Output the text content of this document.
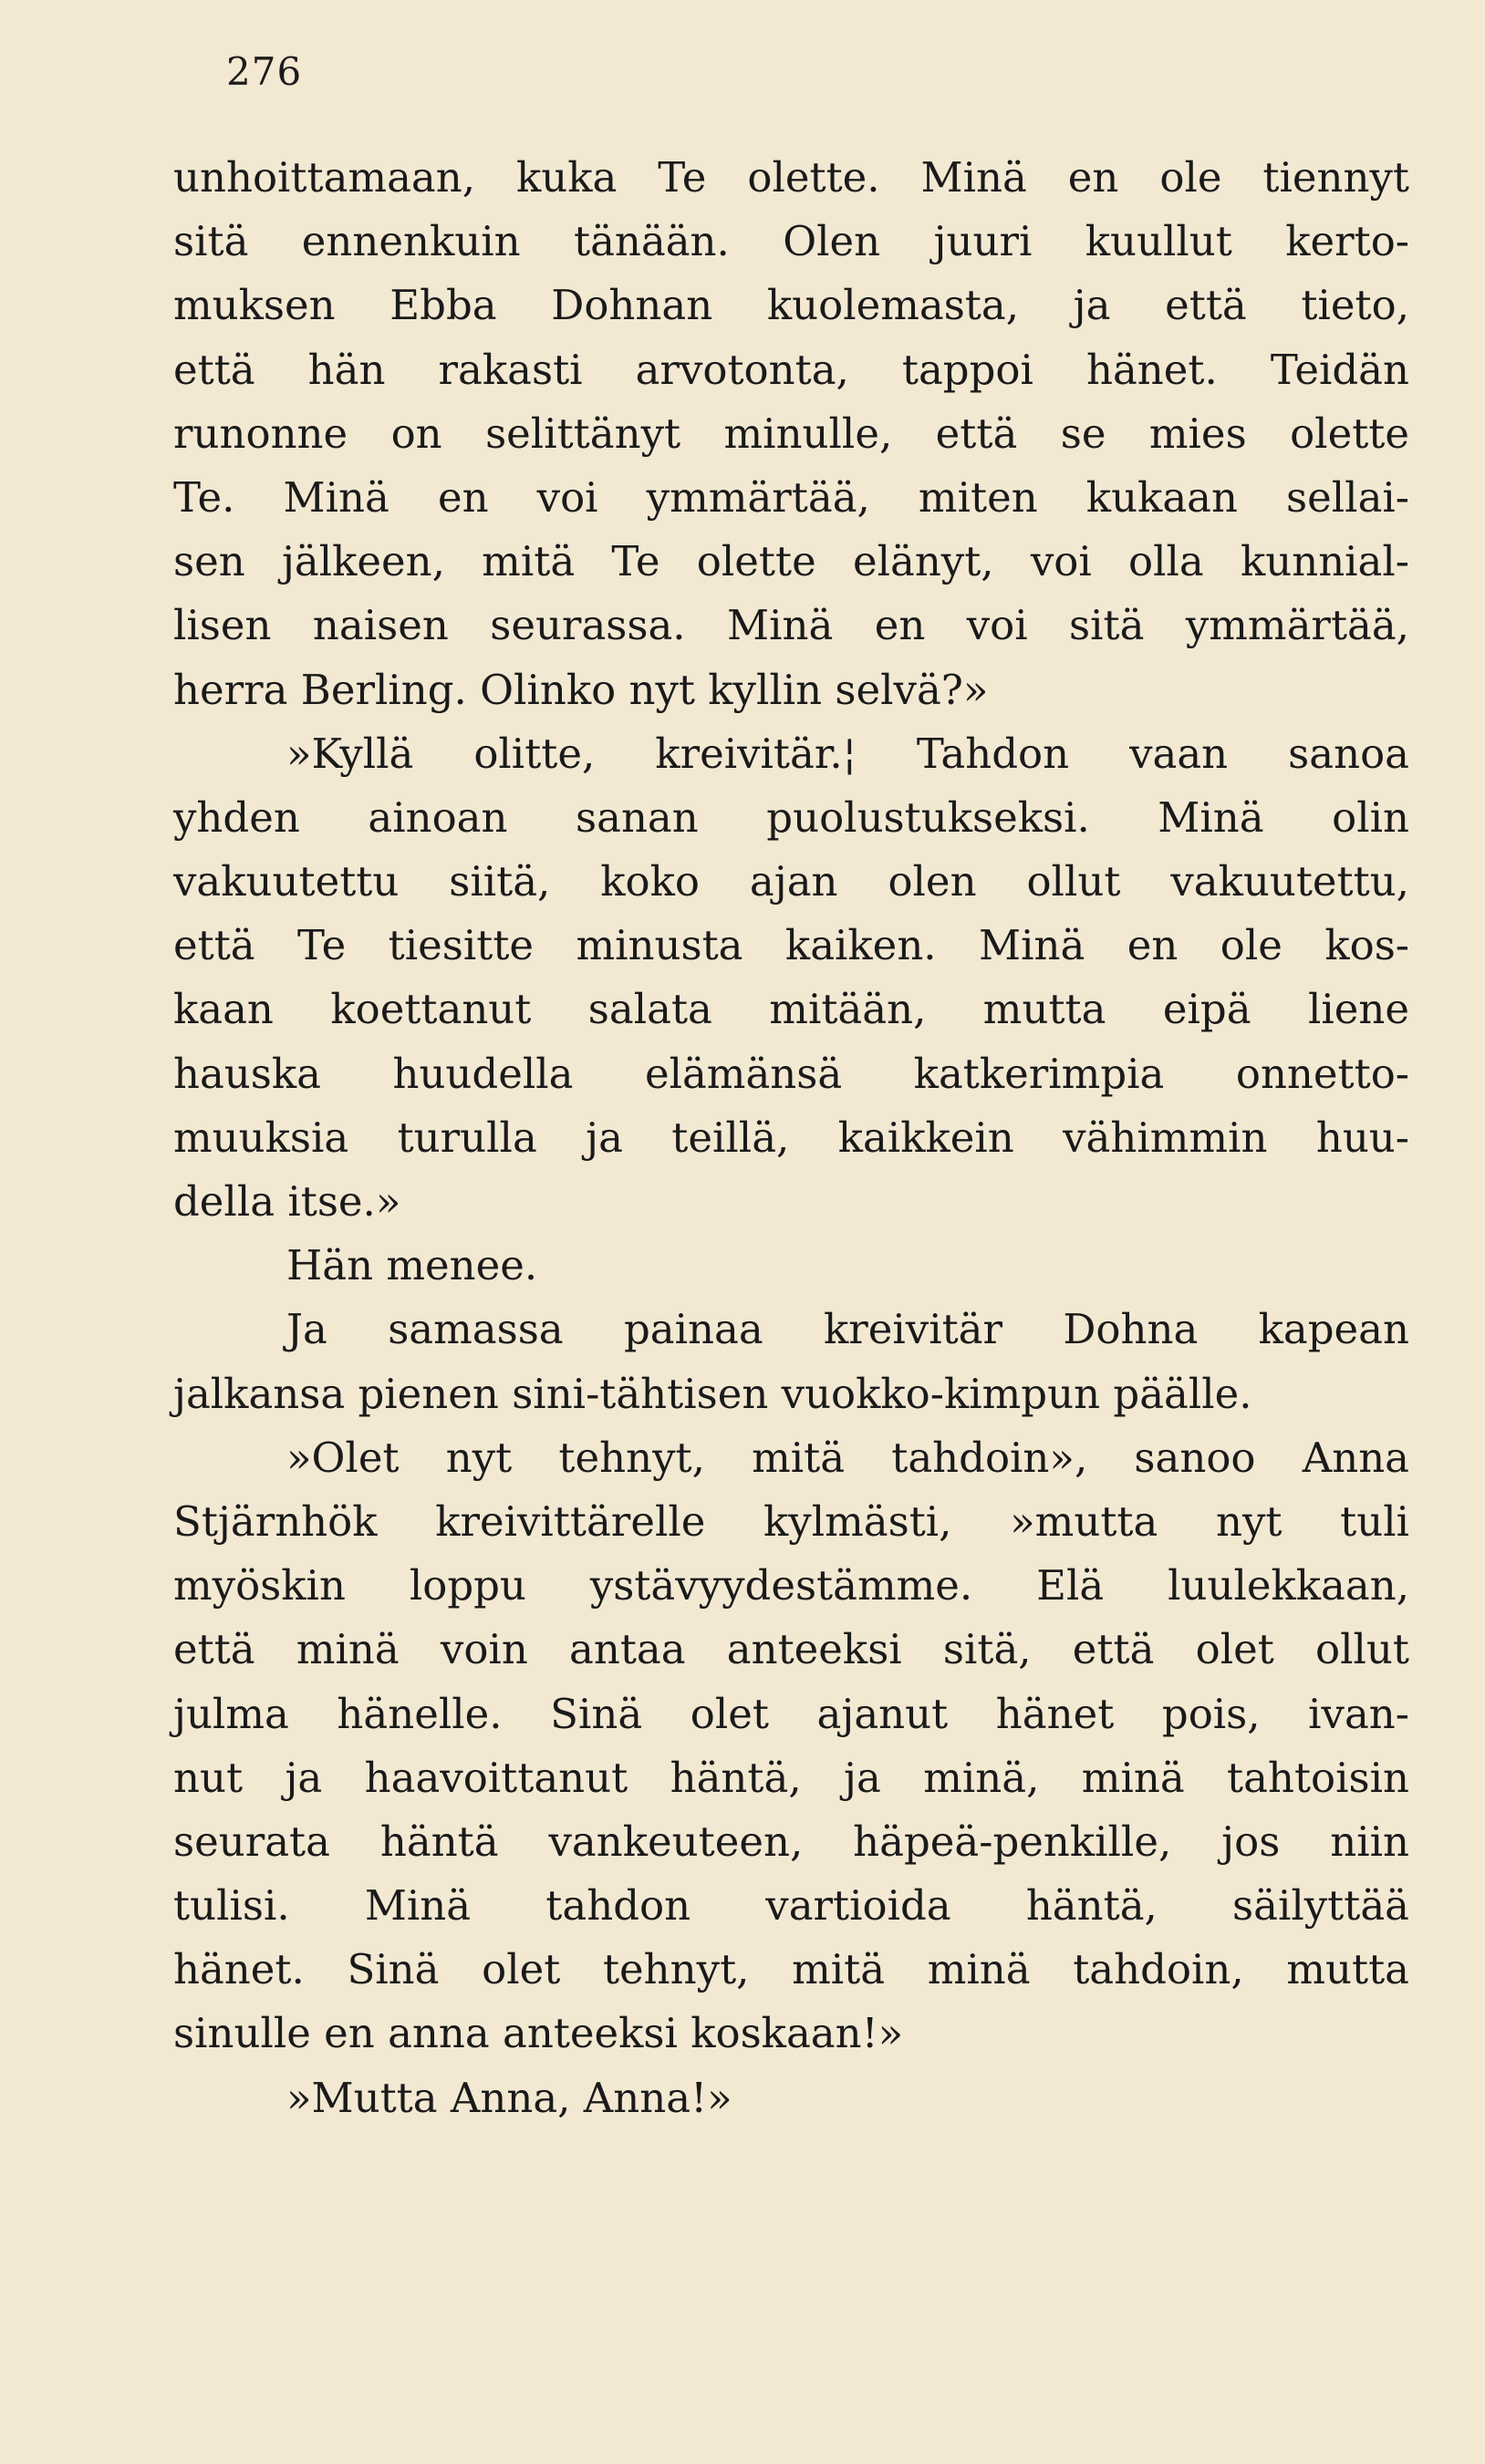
276
unhoittamaan, kuka Te olette. Minä en ole tiennyt
sitä ennenkuin tänään. Olen juuri kuullut kerto-
muksen Ebba Dohnan kuolemasta, ja että tieto,
että hän rakasti arvotonta, tappoi hänet. Teidän
runonne on selittänyt minulle, että se mies olette
Te. Minä en voi ymmärtää, miten kukaan sellai-
sen jälkeen, mitä Te olette elänyt, voi olla kunnial-
lisen naisen seurassa. Minä en voi sitä ymmärtää,
herra Berling. Olinko nyt kyllin selvä?»
»Kyllä olitte, kreivitär.¦ Tahdon vaan sanoa
yhden ainoan sanan puolustukseksi. Minä olin
vakuutettu siitä, koko ajan olen ollut vakuutettu,
että Te tiesitte minusta kaiken. Minä en ole kos-
kaan koettanut salata mitään, mutta eipä liene
hauska huudella elämänsä katkerimpia onnetto-
muuksia turulla ja teillä, kaikkein vähimmin huu-
della itse.»
Hän menee.
Ja samassa painaa kreivitär Dohna kapean
jalkansa pienen sini-tähtisen vuokko-kimpun päälle.
»Olet nyt tehnyt, mitä tahdoin», sanoo Anna
Stjärnhök kreivittärelle kylmästi, »mutta nyt tuli
myöskin loppu ystävyydestämme. Elä luulekkaan,
että minä voin antaa anteeksi sitä, että olet ollut
julma hänelle. Sinä olet ajanut hänet pois, ivan-
nut ja haavoittanut häntä, ja minä, minä tahtoisin
seurata häntä vankeuteen, häpeä-penkille, jos niin
tulisi. Minä tahdon vartioida häntä, säilyttää
hänet. Sinä olet tehnyt, mitä minä tahdoin, mutta
sinulle en anna anteeksi koskaan!»
»Mutta Anna, Anna!»
